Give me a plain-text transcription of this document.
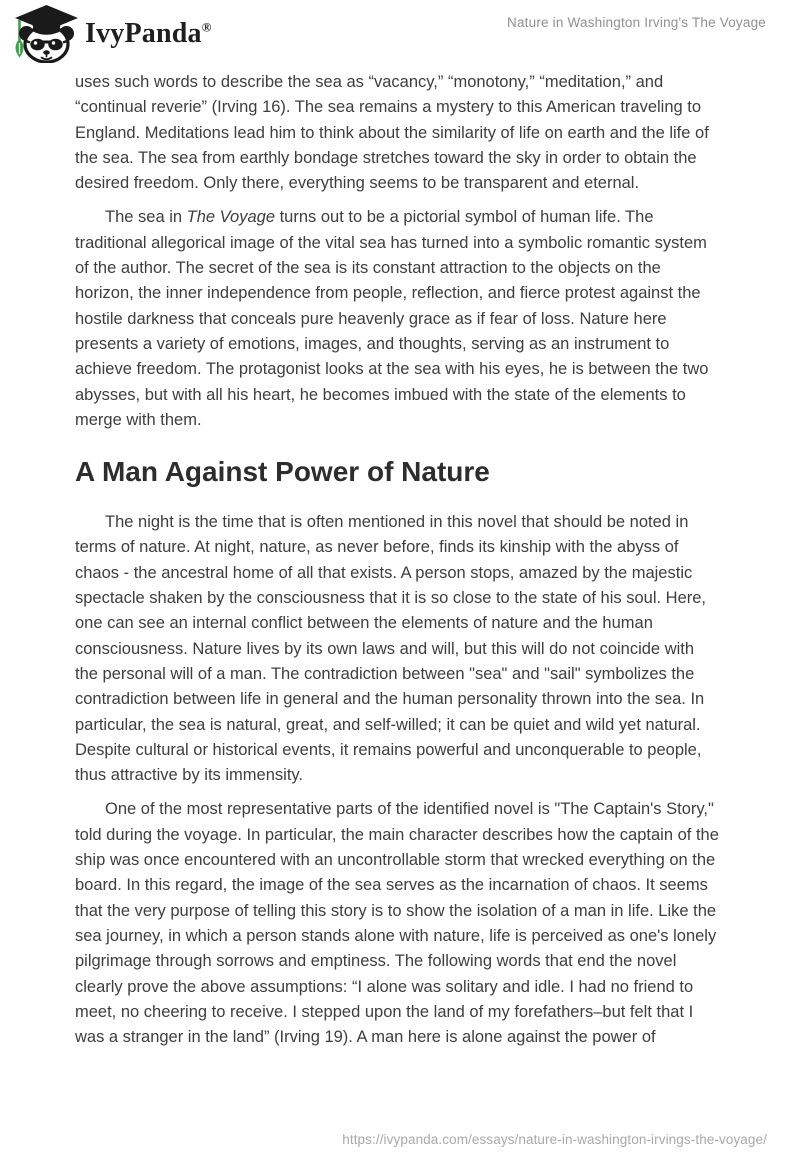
IvyPanda®	Nature in Washington Irving's The Voyage

uses such words to describe the sea as “vacancy,” “monotony,” “meditation,” and “continual reverie” (Irving 16). The sea remains a mystery to this American traveling to England. Meditations lead him to think about the similarity of life on earth and the life of the sea. The sea from earthly bondage stretches toward the sky in order to obtain the desired freedom. Only there, everything seems to be transparent and eternal.

The sea in The Voyage turns out to be a pictorial symbol of human life. The traditional allegorical image of the vital sea has turned into a symbolic romantic system of the author. The secret of the sea is its constant attraction to the objects on the horizon, the inner independence from people, reflection, and fierce protest against the hostile darkness that conceals pure heavenly grace as if fear of loss. Nature here presents a variety of emotions, images, and thoughts, serving as an instrument to achieve freedom. The protagonist looks at the sea with his eyes, he is between the two abysses, but with all his heart, he becomes imbued with the state of the elements to merge with them.

A Man Against Power of Nature

The night is the time that is often mentioned in this novel that should be noted in terms of nature. At night, nature, as never before, finds its kinship with the abyss of chaos - the ancestral home of all that exists. A person stops, amazed by the majestic spectacle shaken by the consciousness that it is so close to the state of his soul. Here, one can see an internal conflict between the elements of nature and the human consciousness. Nature lives by its own laws and will, but this will do not coincide with the personal will of a man. The contradiction between "sea" and "sail" symbolizes the contradiction between life in general and the human personality thrown into the sea. In particular, the sea is natural, great, and self-willed; it can be quiet and wild yet natural. Despite cultural or historical events, it remains powerful and unconquerable to people, thus attractive by its immensity.

One of the most representative parts of the identified novel is "The Captain's Story," told during the voyage. In particular, the main character describes how the captain of the ship was once encountered with an uncontrollable storm that wrecked everything on the board. In this regard, the image of the sea serves as the incarnation of chaos. It seems that the very purpose of telling this story is to show the isolation of a man in life. Like the sea journey, in which a person stands alone with nature, life is perceived as one's lonely pilgrimage through sorrows and emptiness. The following words that end the novel clearly prove the above assumptions: “I alone was solitary and idle. I had no friend to meet, no cheering to receive. I stepped upon the land of my forefathers–but felt that I was a stranger in the land” (Irving 19). A man here is alone against the power of

https://ivypanda.com/essays/nature-in-washington-irvings-the-voyage/
